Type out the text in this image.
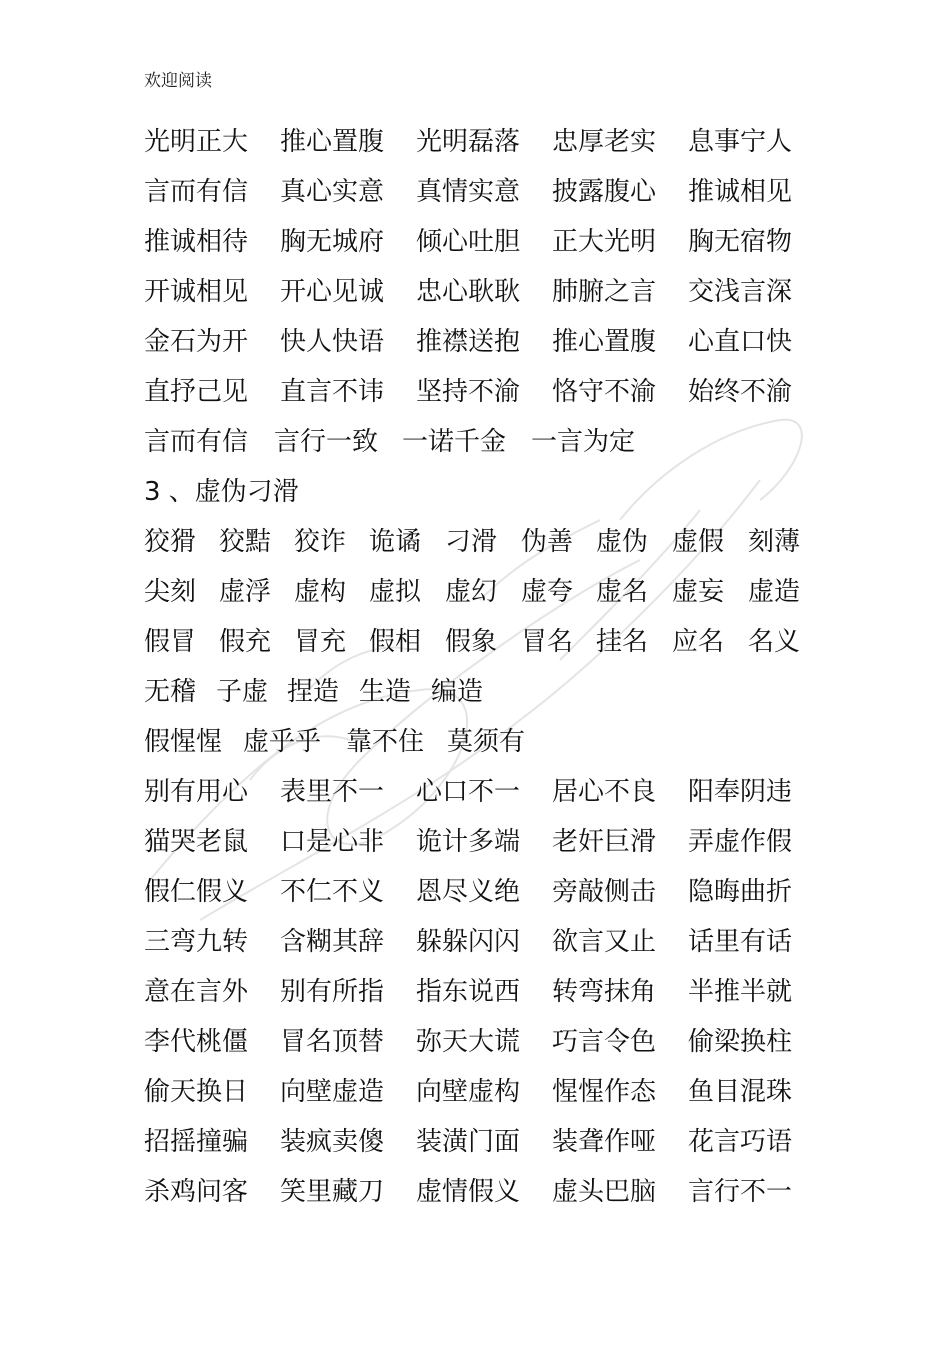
欢迎阅读
光明正大 推心置腹 光明磊落 忠厚老实 息事宁人
言而有信 真心实意 真情实意 披露腹心 推诚相见
推诚相待 胸无城府 倾心吐胆 正大光明 胸无宿物
开诚相见 开心见诚 忠心耿耿 肺腑之言 交浅言深
金石为开 快人快语 推襟送抱 推心置腹 心直口快
直抒己见 直言不讳 坚持不渝 恪守不渝 始终不渝
言而有信 言行一致 一诺千金 一言为定
3 、虚伪刁滑
狡猾 狡黠 狡诈 诡谲 刁滑 伪善 虚伪 虚假 刻薄
尖刻 虚浮 虚构 虚拟 虚幻 虚夸 虚名 虚妄 虚造
假冒 假充 冒充 假相 假象 冒名 挂名 应名 名义
无稽 子虚 捏造 生造 编造
假惺惺 虚乎乎 靠不住 莫须有
别有用心 表里不一 心口不一 居心不良 阳奉阴违
猫哭老鼠 口是心非 诡计多端 老奸巨滑 弄虚作假
假仁假义 不仁不义 恩尽义绝 旁敲侧击 隐晦曲折
三弯九转 含糊其辞 躲躲闪闪 欲言又止 话里有话
意在言外 别有所指 指东说西 转弯抹角 半推半就
李代桃僵 冒名顶替 弥天大谎 巧言令色 偷梁换柱
偷天换日 向壁虚造 向壁虚构 惺惺作态 鱼目混珠
招摇撞骗 装疯卖傻 装潢门面 装聋作哑 花言巧语
杀鸡问客 笑里藏刀 虚情假义 虚头巴脑 言行不一
